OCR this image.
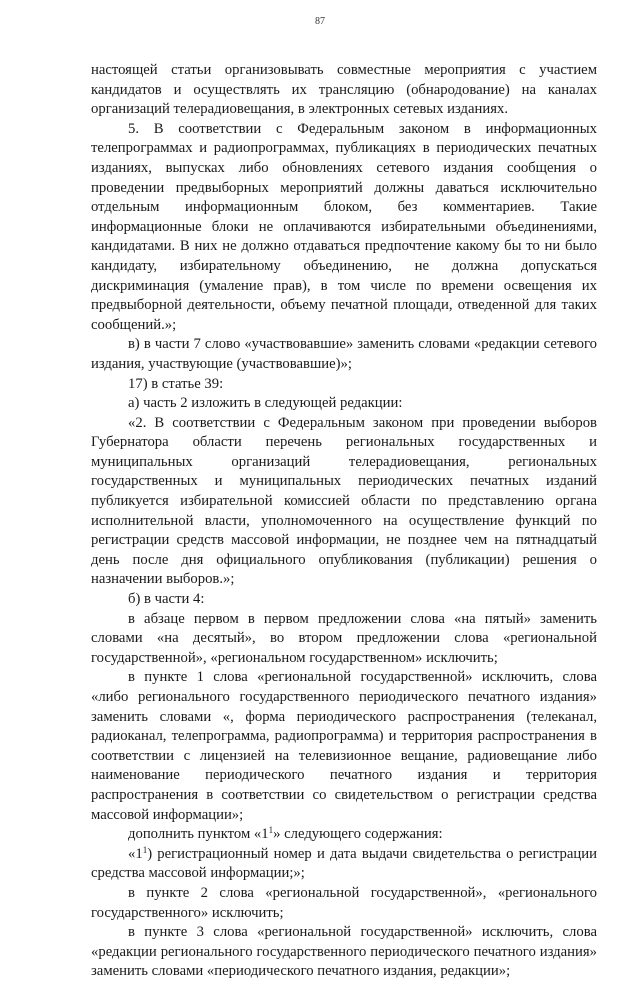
87

настоящей статьи организовывать совместные мероприятия с участием кандидатов и осуществлять их трансляцию (обнародование) на каналах организаций телерадиовещания, в электронных сетевых изданиях.

5. В соответствии с Федеральным законом в информационных телепрограммах и радиопрограммах, публикациях в периодических печатных изданиях, выпусках либо обновлениях сетевого издания сообщения о проведении предвыборных мероприятий должны даваться исключительно отдельным информационным блоком, без комментариев. Такие информационные блоки не оплачиваются избирательными объединениями, кандидатами. В них не должно отдаваться предпочтение какому бы то ни было кандидату, избирательному объединению, не должна допускаться дискриминация (умаление прав), в том числе по времени освещения их предвыборной деятельности, объему печатной площади, отведенной для таких сообщений.»;

в) в части 7 слово «участвовавшие» заменить словами «редакции сетевого издания, участвующие (участвовавшие)»;

17) в статье 39:

а) часть 2 изложить в следующей редакции:

«2. В соответствии с Федеральным законом при проведении выборов Губернатора области перечень региональных государственных и муниципальных организаций телерадиовещания, региональных государственных и муниципальных периодических печатных изданий публикуется избирательной комиссией области по представлению органа исполнительной власти, уполномоченного на осуществление функций по регистрации средств массовой информации, не позднее чем на пятнадцатый день после дня официального опубликования (публикации) решения о назначении выборов.»;

б) в части 4:

в абзаце первом в первом предложении слова «на пятый» заменить словами «на десятый», во втором предложении слова «региональной государственной», «региональном государственном» исключить;

в пункте 1 слова «региональной государственной» исключить, слова «либо регионального государственного периодического печатного издания» заменить словами «, форма периодического распространения (телеканал, радиоканал, телепрограмма, радиопрограмма) и территория распространения в соответствии с лицензией на телевизионное вещание, радиовещание либо наименование периодического печатного издания и территория распространения в соответствии со свидетельством о регистрации средства массовой информации»;

дополнить пунктом «$1^1$» следующего содержания:

«$1^1$) регистрационный номер и дата выдачи свидетельства о регистрации средства массовой информации;»;

в пункте 2 слова «региональной государственной», «регионального государственного» исключить;

в пункте 3 слова «региональной государственной» исключить, слова «редакции регионального государственного периодического печатного издания» заменить словами «периодического печатного издания, редакции»;
